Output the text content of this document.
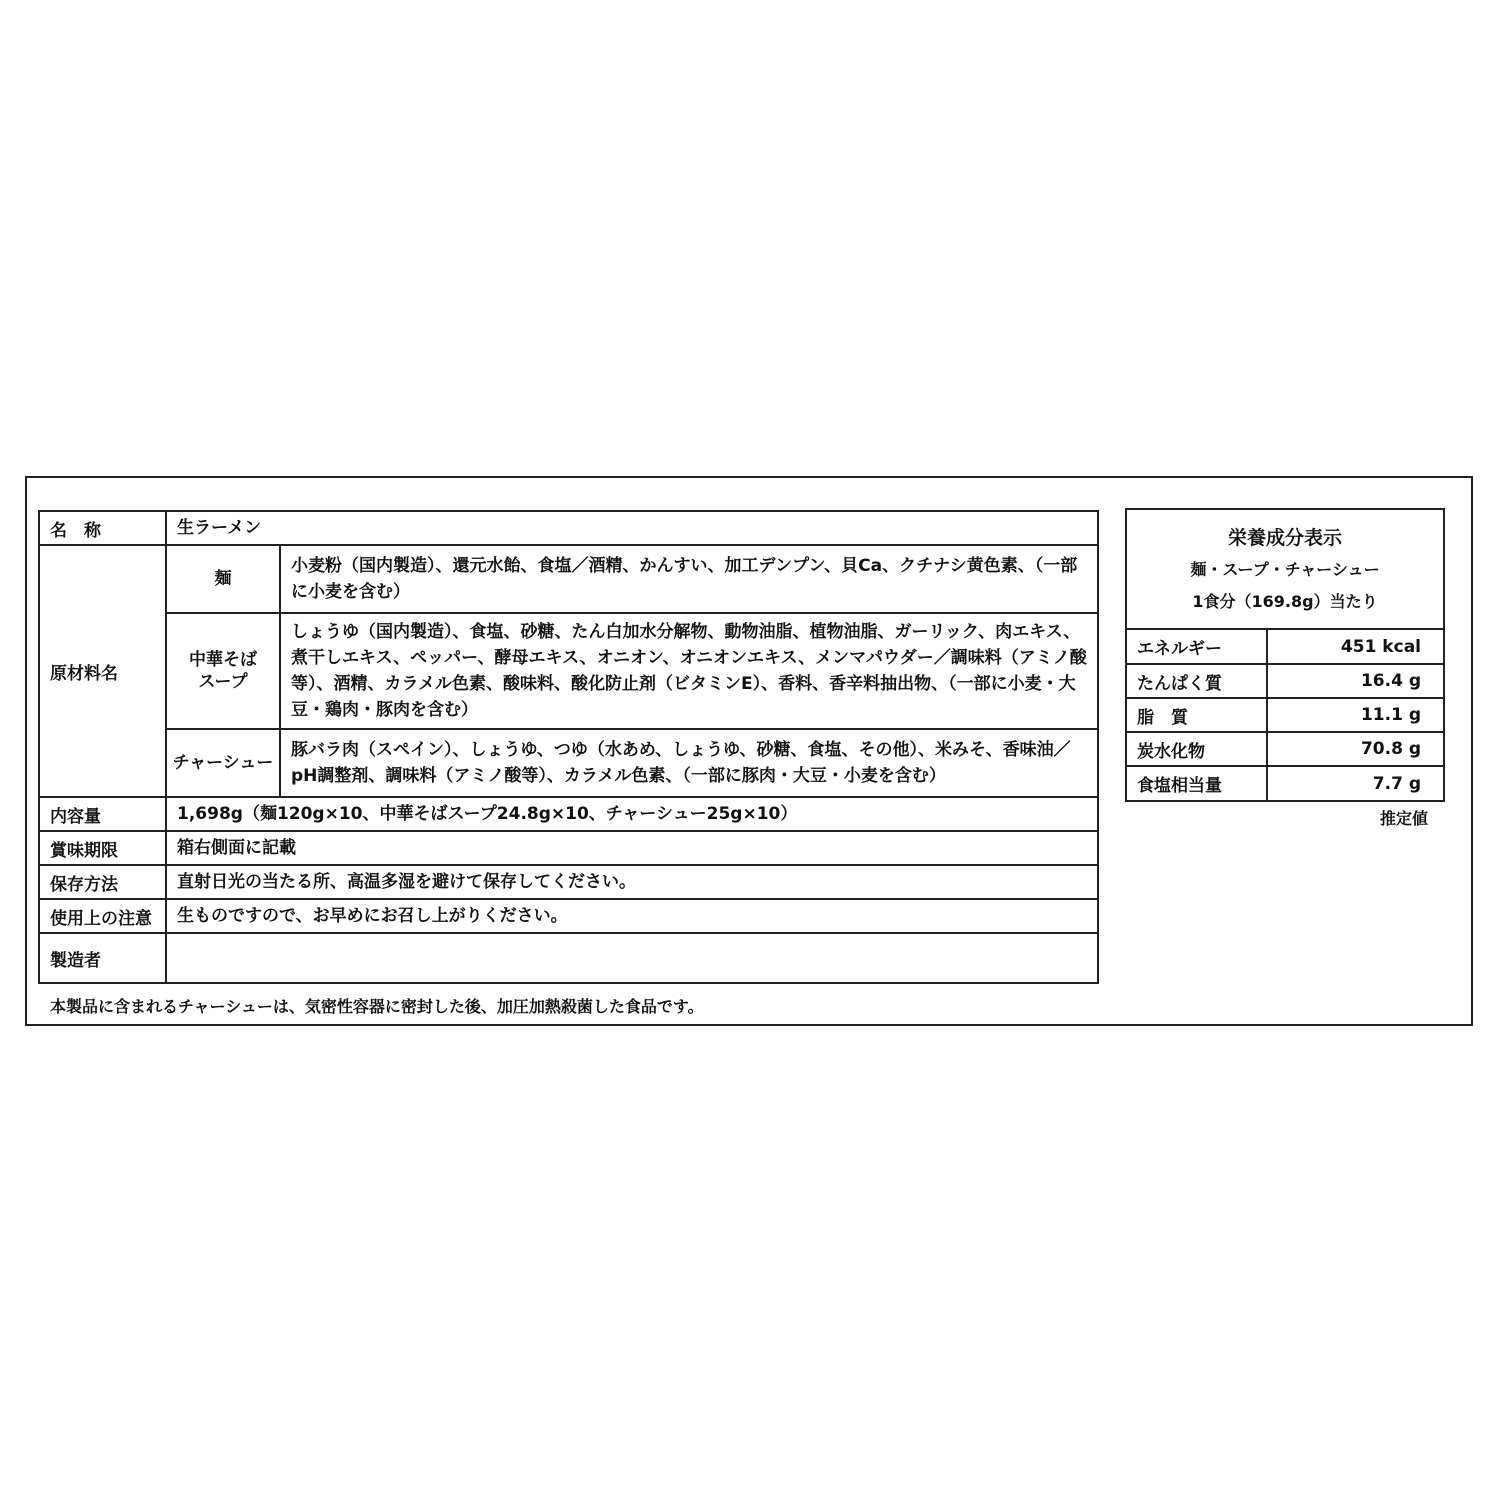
名　称	生ラーメン	
原材料名	麺	小麦粉（国内製造）、還元水飴、食塩／酒精、かんすい、加工デンプン、貝Ca、クチナシ黄色素、（一部に小麦を含む）

	中華そば
スープ	しょうゆ（国内製造）、食塩、砂糖、たん白加水分解物、動物油脂、植物油脂、ガーリック、肉エキス、煮干しエキス、ペッパー、酵母エキス、オニオン、オニオンエキス、メンマパウダー／調味料（アミノ酸等）、酒精、カラメル色素、酸味料、酸化防止剤（ビタミンE）、香料、香辛料抽出物、（一部に小麦・大豆・鶏肉・豚肉を含む）
	チャーシュー	豚バラ肉（スペイン）、しょうゆ、つゆ（水あめ、しょうゆ、砂糖、食塩、その他）、米みそ、香味油／pH調整剤、調味料（アミノ酸等）、カラメル色素、（一部に豚肉・大豆・小麦を含む）
内容量	1,698g（麺120g×10、中華そばスープ24.8g×10、チャーシュー25g×10）	
賞味期限	箱右側面に記載	
保存方法	直射日光の当たる所、高温多湿を避けて保存してください。	
使用上の注意	生ものですので、お早めにお召し上がりください。	
製造者		
本製品に含まれるチャーシューは、気密性容器に密封した後、加圧加熱殺菌した食品です。
栄養成分表示
麺・スープ・チャーシュー
1食分（169.8g）当たり
エネルギー	451 kcal
たんぱく質	16.4 g
脂　質	11.1 g
炭水化物	70.8 g
食塩相当量	7.7 g
推定値
